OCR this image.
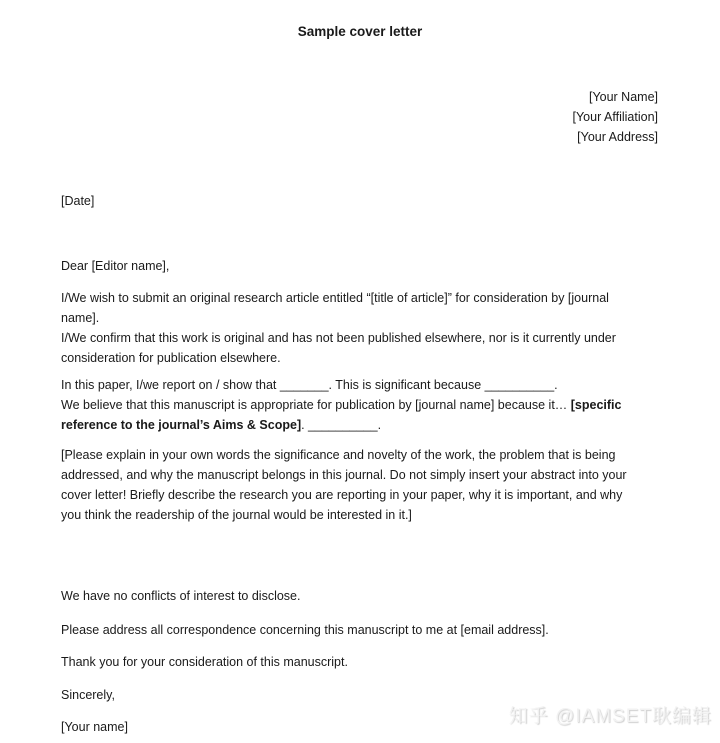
Sample cover letter
[Your Name]
[Your Affiliation]
[Your Address]
[Date]
Dear [Editor name],
I/We wish to submit an original research article entitled “[title of article]” for consideration by [journal
name].
I/We confirm that this work is original and has not been published elsewhere, nor is it currently under
consideration for publication elsewhere.
In this paper, I/we report on / show that _______. This is significant because __________.
We believe that this manuscript is appropriate for publication by [journal name] because it… [specific
reference to the journal’s Aims & Scope]. __________.
[Please explain in your own words the significance and novelty of the work, the problem that is being
addressed, and why the manuscript belongs in this journal. Do not simply insert your abstract into your
cover letter! Briefly describe the research you are reporting in your paper, why it is important, and why
you think the readership of the journal would be interested in it.]
We have no conflicts of interest to disclose.
Please address all correspondence concerning this manuscript to me at [email address].
Thank you for your consideration of this manuscript.
Sincerely,
[Your name]	知乎 @IAMSET耿编辑
